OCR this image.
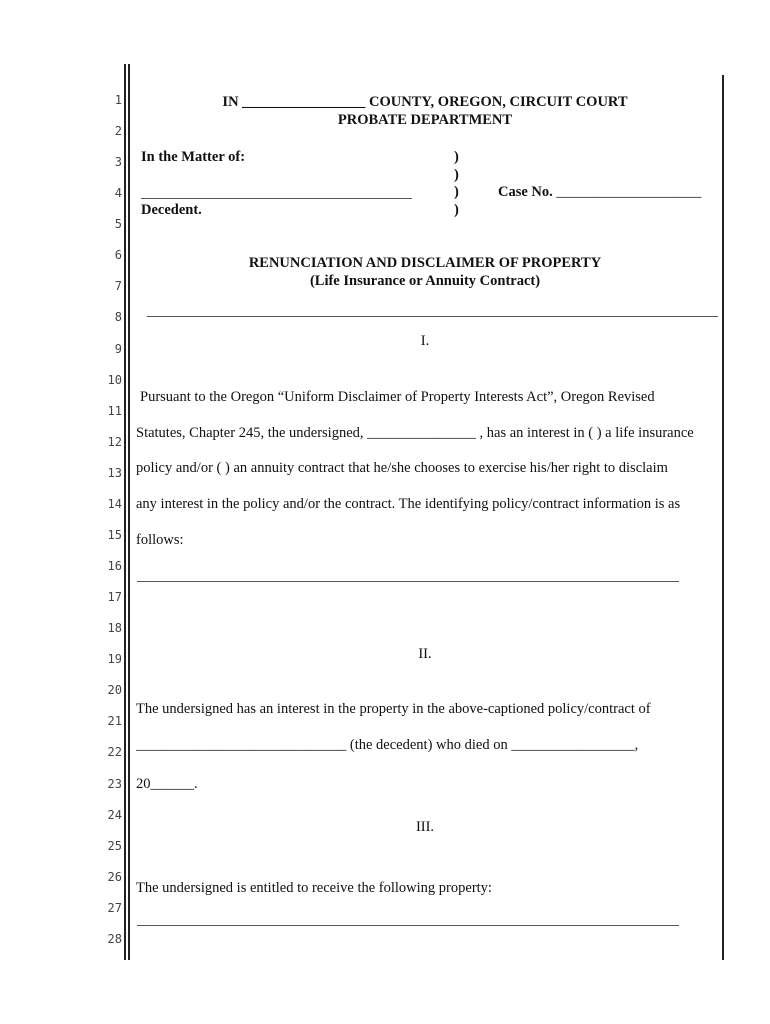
1
2
3
4
5
6
7
8
9
10
11
12
13
14
15
16
17
18
19
20
21
22
23
24
25
26
27
28
IN _________________ COUNTY, OREGON, CIRCUIT COURT
PROBATE DEPARTMENT
In the Matter of:
Decedent.
)
)
)
)
Case No. ____________________
RENUNCIATION AND DISCLAIMER OF PROPERTY
(Life Insurance or Annuity Contract)
I.
Pursuant to the Oregon “Uniform Disclaimer of Property Interests Act”, Oregon Revised
Statutes, Chapter 245, the undersigned, _______________ , has an interest in ( ) a life insurance
policy and/or ( ) an annuity contract that he/she chooses to exercise his/her right to disclaim
any interest in the policy and/or the contract. The identifying policy/contract information is as
follows:
II.
The undersigned has an interest in the property in the above-captioned policy/contract of
_____________________________ (the decedent) who died on _________________,
20______.
III.
The undersigned is entitled to receive the following property:
